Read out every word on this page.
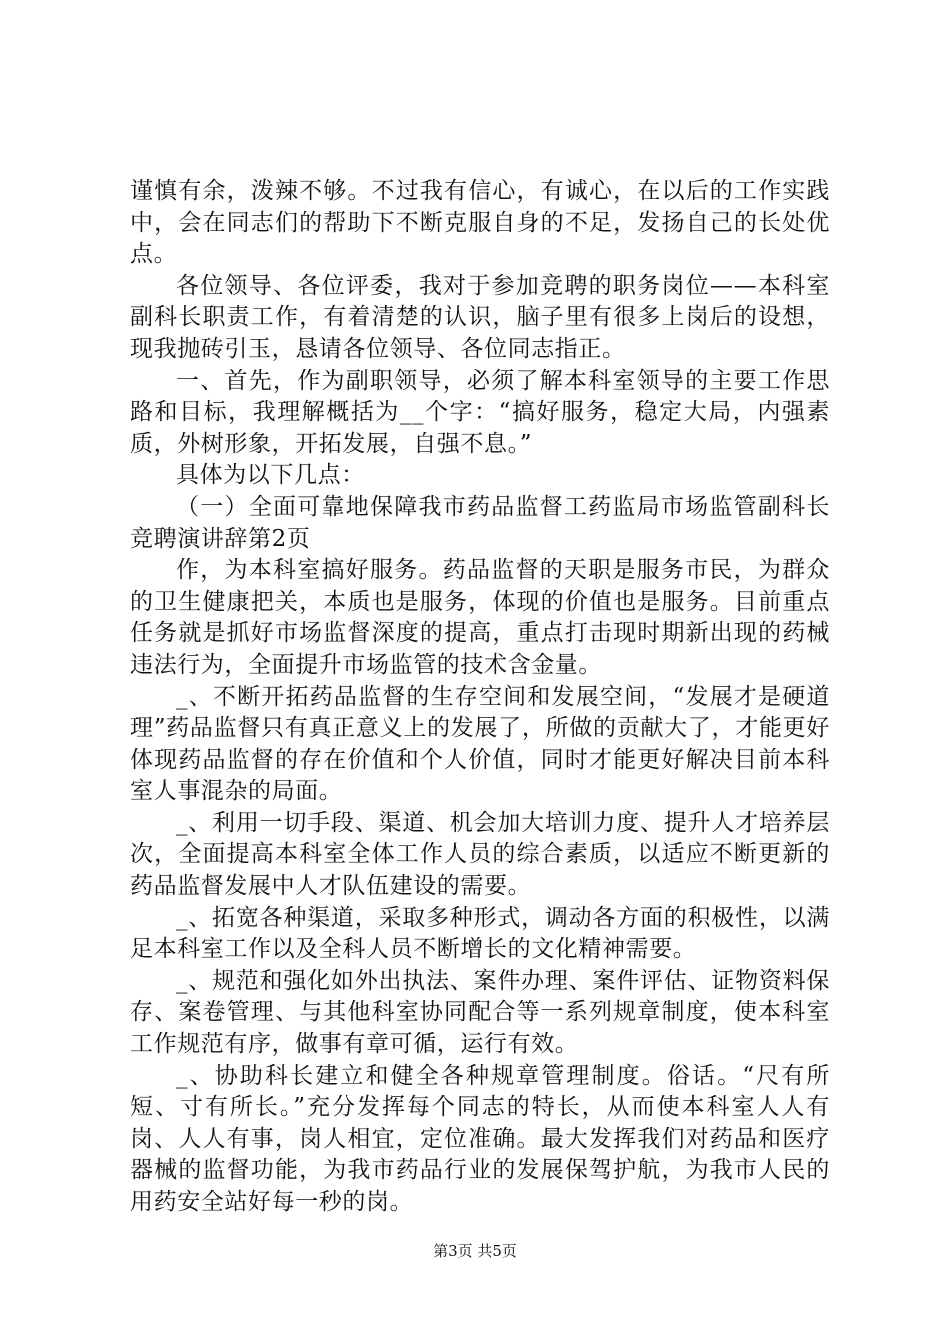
谨慎有余，泼辣不够。不过我有信心，有诚心，在以后的工作实践中，会在同志们的帮助下不断克服自身的不足，发扬自己的长处优点。

各位领导、各位评委，我对于参加竞聘的职务岗位——本科室副科长职责工作，有着清楚的认识，脑子里有很多上岗后的设想，现我抛砖引玉，恳请各位领导、各位同志指正。

一、首先，作为副职领导，必须了解本科室领导的主要工作思路和目标，我理解概括为__个字：“搞好服务，稳定大局，内强素质，外树形象，开拓发展，自强不息。”

具体为以下几点：

（一）全面可靠地保障我市药品监督工药监局市场监管副科长竞聘演讲辞第2页

作，为本科室搞好服务。药品监督的天职是服务市民，为群众的卫生健康把关，本质也是服务，体现的价值也是服务。目前重点任务就是抓好市场监督深度的提高，重点打击现时期新出现的药械违法行为，全面提升市场监管的技术含金量。

_、不断开拓药品监督的生存空间和发展空间，“发展才是硬道理”药品监督只有真正意义上的发展了，所做的贡献大了，才能更好体现药品监督的存在价值和个人价值，同时才能更好解决目前本科室人事混杂的局面。

_、利用一切手段、渠道、机会加大培训力度、提升人才培养层次，全面提高本科室全体工作人员的综合素质，以适应不断更新的药品监督发展中人才队伍建设的需要。

_、拓宽各种渠道，采取多种形式，调动各方面的积极性，以满足本科室工作以及全科人员不断增长的文化精神需要。

_、规范和强化如外出执法、案件办理、案件评估、证物资料保存、案卷管理、与其他科室协同配合等一系列规章制度，使本科室工作规范有序，做事有章可循，运行有效。

_、协助科长建立和健全各种规章管理制度。俗话。“尺有所短、寸有所长。”充分发挥每个同志的特长，从而使本科室人人有岗、人人有事，岗人相宜，定位准确。最大发挥我们对药品和医疗器械的监督功能，为我市药品行业的发展保驾护航，为我市人民的用药安全站好每一秒的岗。

第3页 共5页
